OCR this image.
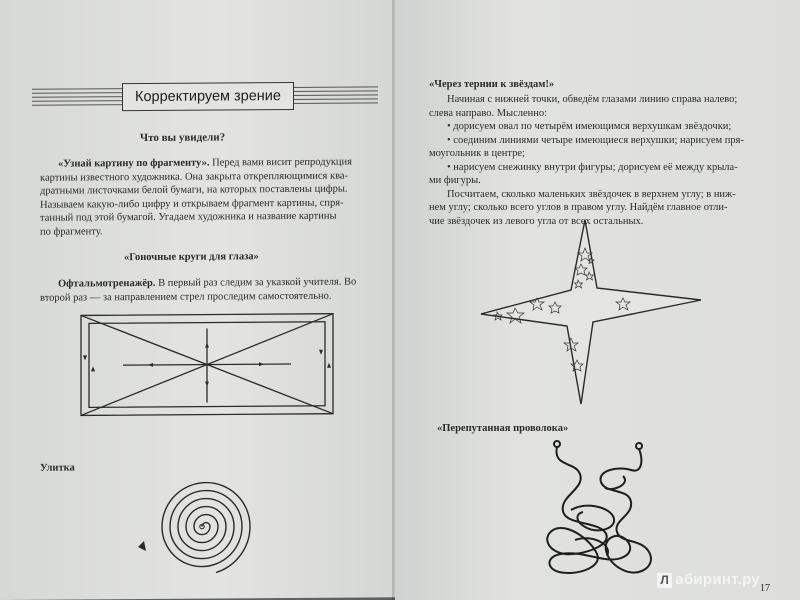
Корректируем зрение
Что вы увидели?
«Узнай картину по фрагменту». Перед вами висит репродукция
картины известного художника. Она закрыта открепляющимися ква-
дратными листочками белой бумаги, на которых поставлены цифры.
Называем какую-либо цифру и открываем фрагмент картины, спря-
танный под этой бумагой. Угадаем художника и название картины
по фрагменту.
«Гоночные круги для глаза»
Офтальмотренажёр. В первый раз следим за указкой учителя. Во
второй раз — за направлением стрел проследим самостоятельно.
Улитка
«Через тернии к звёздам!»
Начиная с нижней точки, обведём глазами линию справа налево;
слева направо. Мысленно:
• дорисуем овал по четырём имеющимся верхушкам звёздочки;
• соединим линиями четыре имеющиеся верхушки; нарисуем пря-
моугольник в центре;
• нарисуем снежинку внутри фигуры; дорисуем её между крыла-
ми фигуры.
Посчитаем, сколько маленьких звёздочек в верхнем углу; в ниж-
нем углу; сколько всего углов в правом углу. Найдём главное отли-
чие звёздочек из левого угла от всех остальных.
«Перепутанная проволока»
17
Л абиринт.ру
